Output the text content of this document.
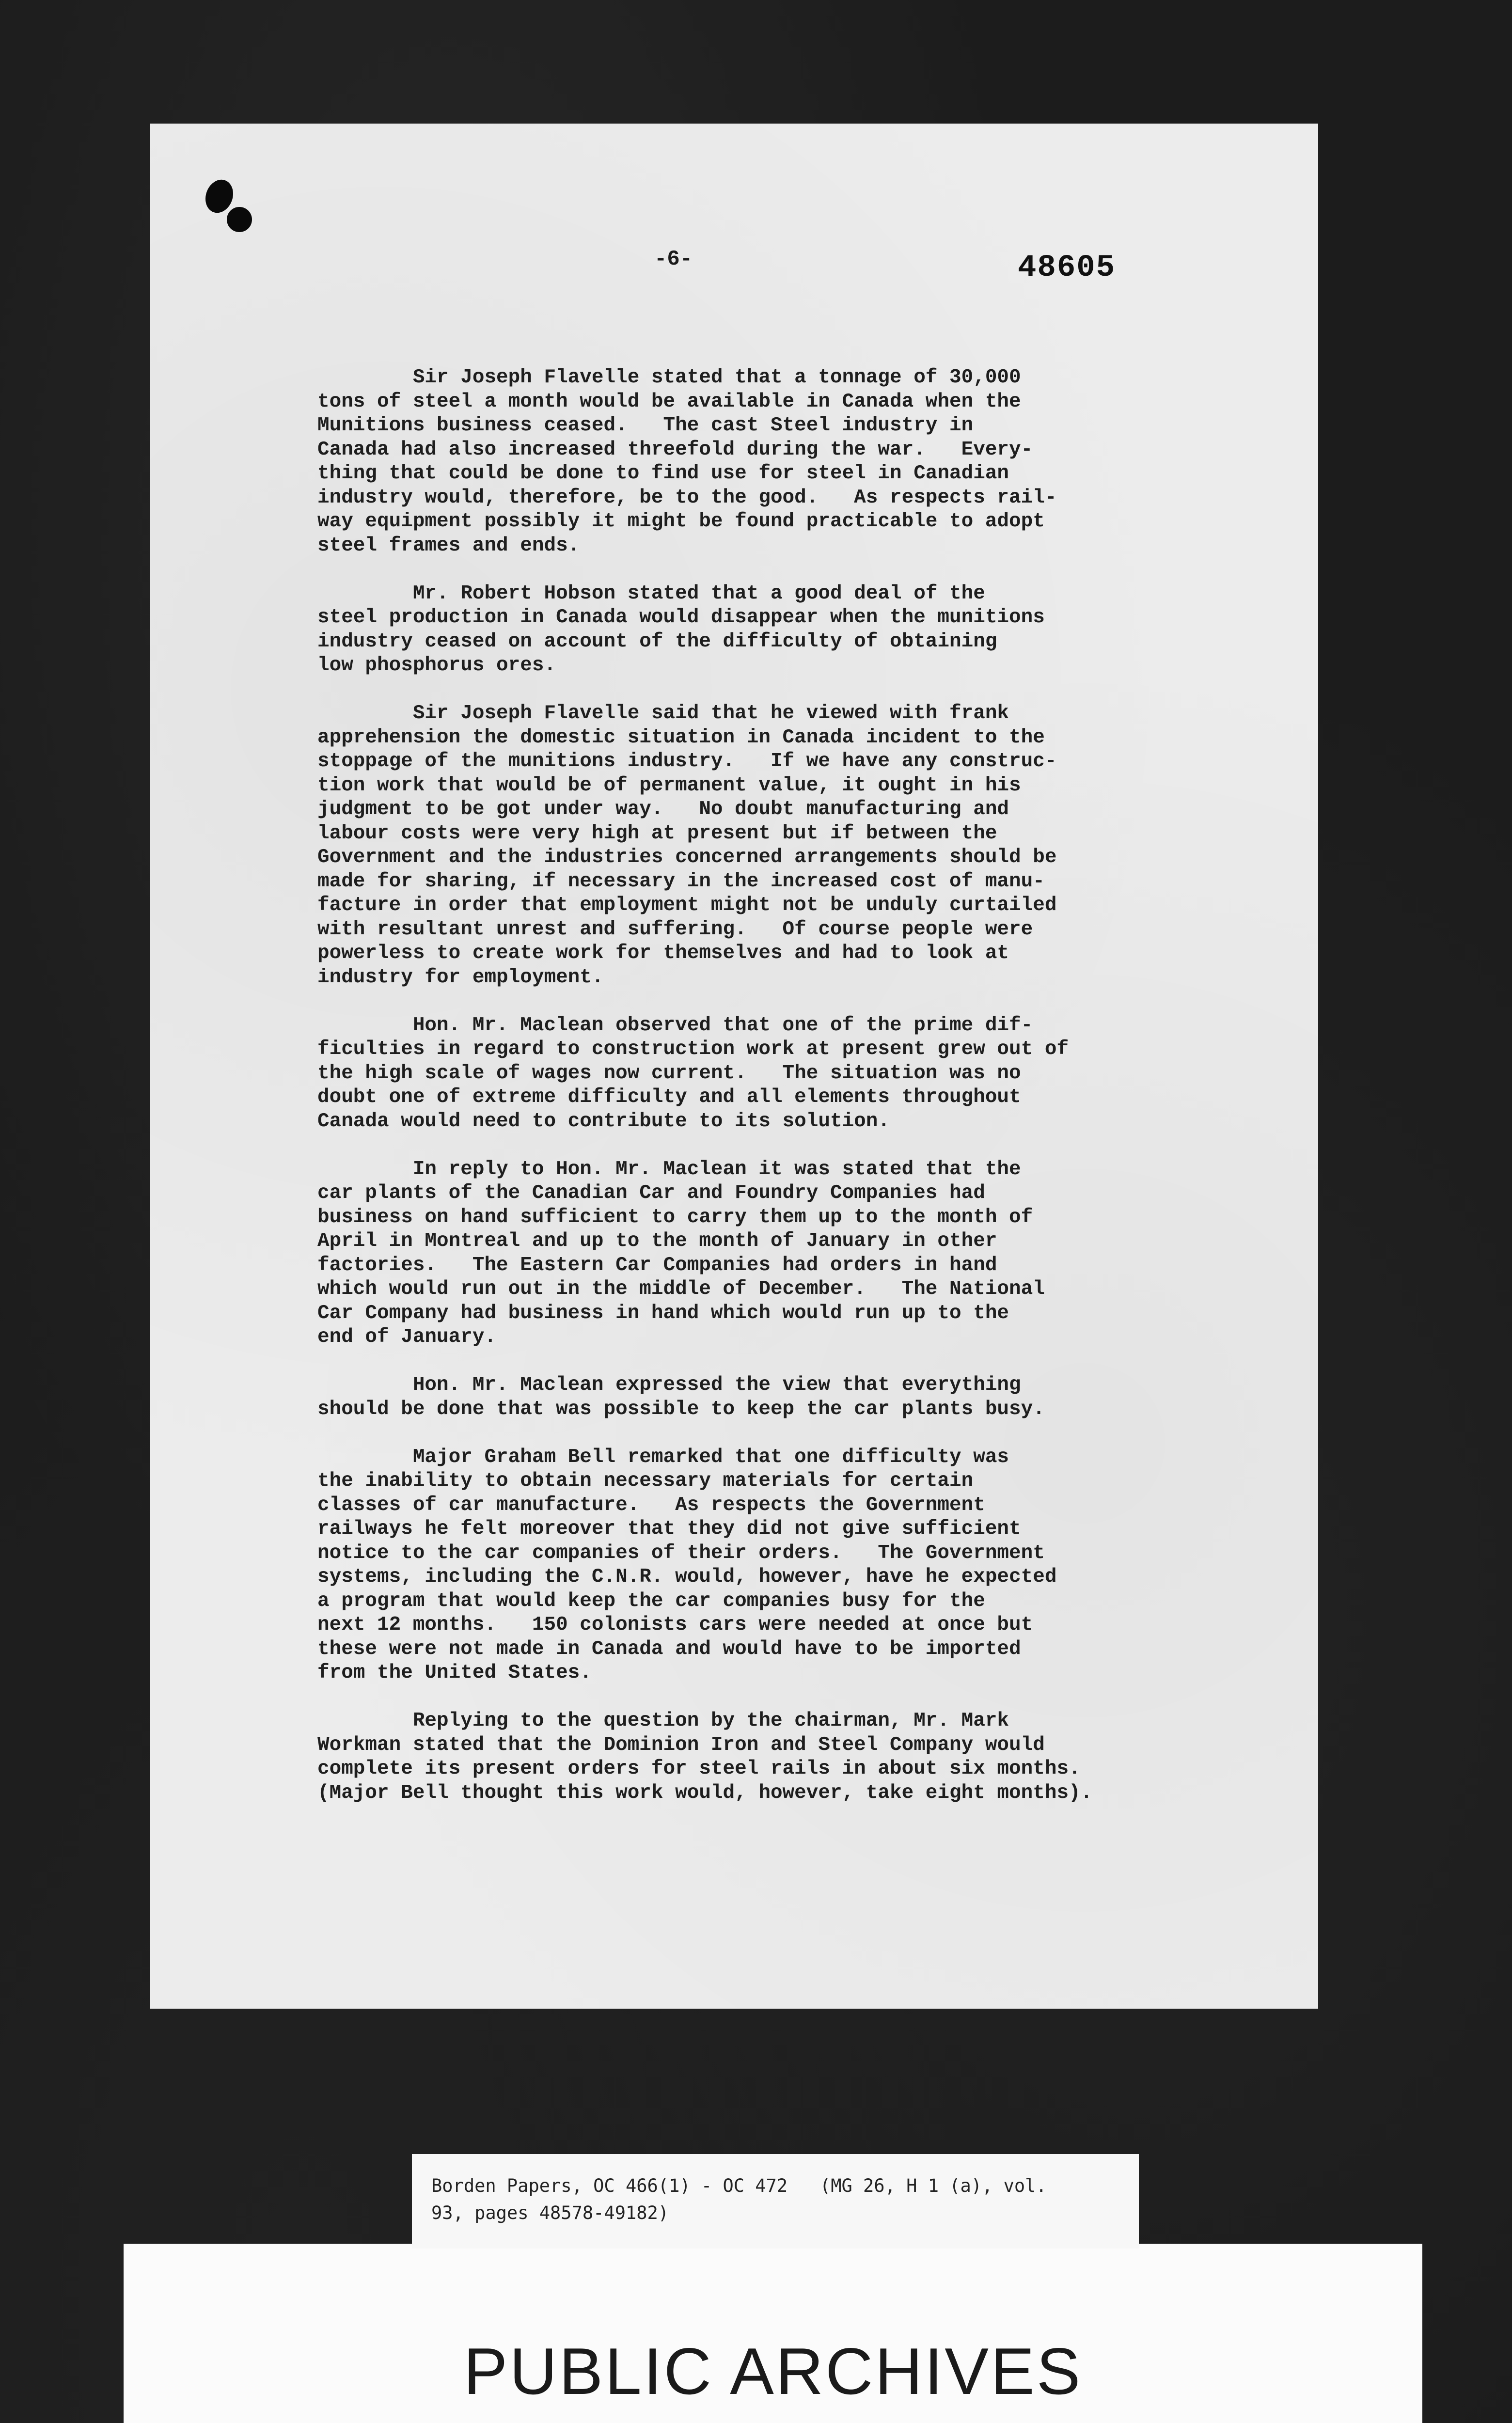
-6-	48605

Sir Joseph Flavelle stated that a tonnage of 30,000
tons of steel a month would be available in Canada when the
Munitions business ceased.   The cast Steel industry in
Canada had also increased threefold during the war.   Every-
thing that could be done to find use for steel in Canadian
industry would, therefore, be to the good.   As respects rail-
way equipment possibly it might be found practicable to adopt
steel frames and ends.

Mr. Robert Hobson stated that a good deal of the
steel production in Canada would disappear when the munitions
industry ceased on account of the difficulty of obtaining
low phosphorus ores.

Sir Joseph Flavelle said that he viewed with frank
apprehension the domestic situation in Canada incident to the
stoppage of the munitions industry.   If we have any construc-
tion work that would be of permanent value, it ought in his
judgment to be got under way.   No doubt manufacturing and
labour costs were very high at present but if between the
Government and the industries concerned arrangements should be
made for sharing, if necessary in the increased cost of manu-
facture in order that employment might not be unduly curtailed
with resultant unrest and suffering.   Of course people were
powerless to create work for themselves and had to look at
industry for employment.

Hon. Mr. Maclean observed that one of the prime dif-
ficulties in regard to construction work at present grew out of
the high scale of wages now current.   The situation was no
doubt one of extreme difficulty and all elements throughout
Canada would need to contribute to its solution.

In reply to Hon. Mr. Maclean it was stated that the
car plants of the Canadian Car and Foundry Companies had
business on hand sufficient to carry them up to the month of
April in Montreal and up to the month of January in other
factories.   The Eastern Car Companies had orders in hand
which would run out in the middle of December.   The National
Car Company had business in hand which would run up to the
end of January.

Hon. Mr. Maclean expressed the view that everything
should be done that was possible to keep the car plants busy.

Major Graham Bell remarked that one difficulty was
the inability to obtain necessary materials for certain
classes of car manufacture.   As respects the Government
railways he felt moreover that they did not give sufficient
notice to the car companies of their orders.   The Government
systems, including the C.N.R. would, however, have he expected
a program that would keep the car companies busy for the
next 12 months.   150 colonists cars were needed at once but
these were not made in Canada and would have to be imported
from the United States.

Replying to the question by the chairman, Mr. Mark
Workman stated that the Dominion Iron and Steel Company would
complete its present orders for steel rails in about six months.
(Major Bell thought this work would, however, take eight months).

PUBLIC ARCHIVES
Borden Papers, OC 466(1) - OC 472   (MG 26, H 1 (a), vol.
93, pages 48578-49182)
